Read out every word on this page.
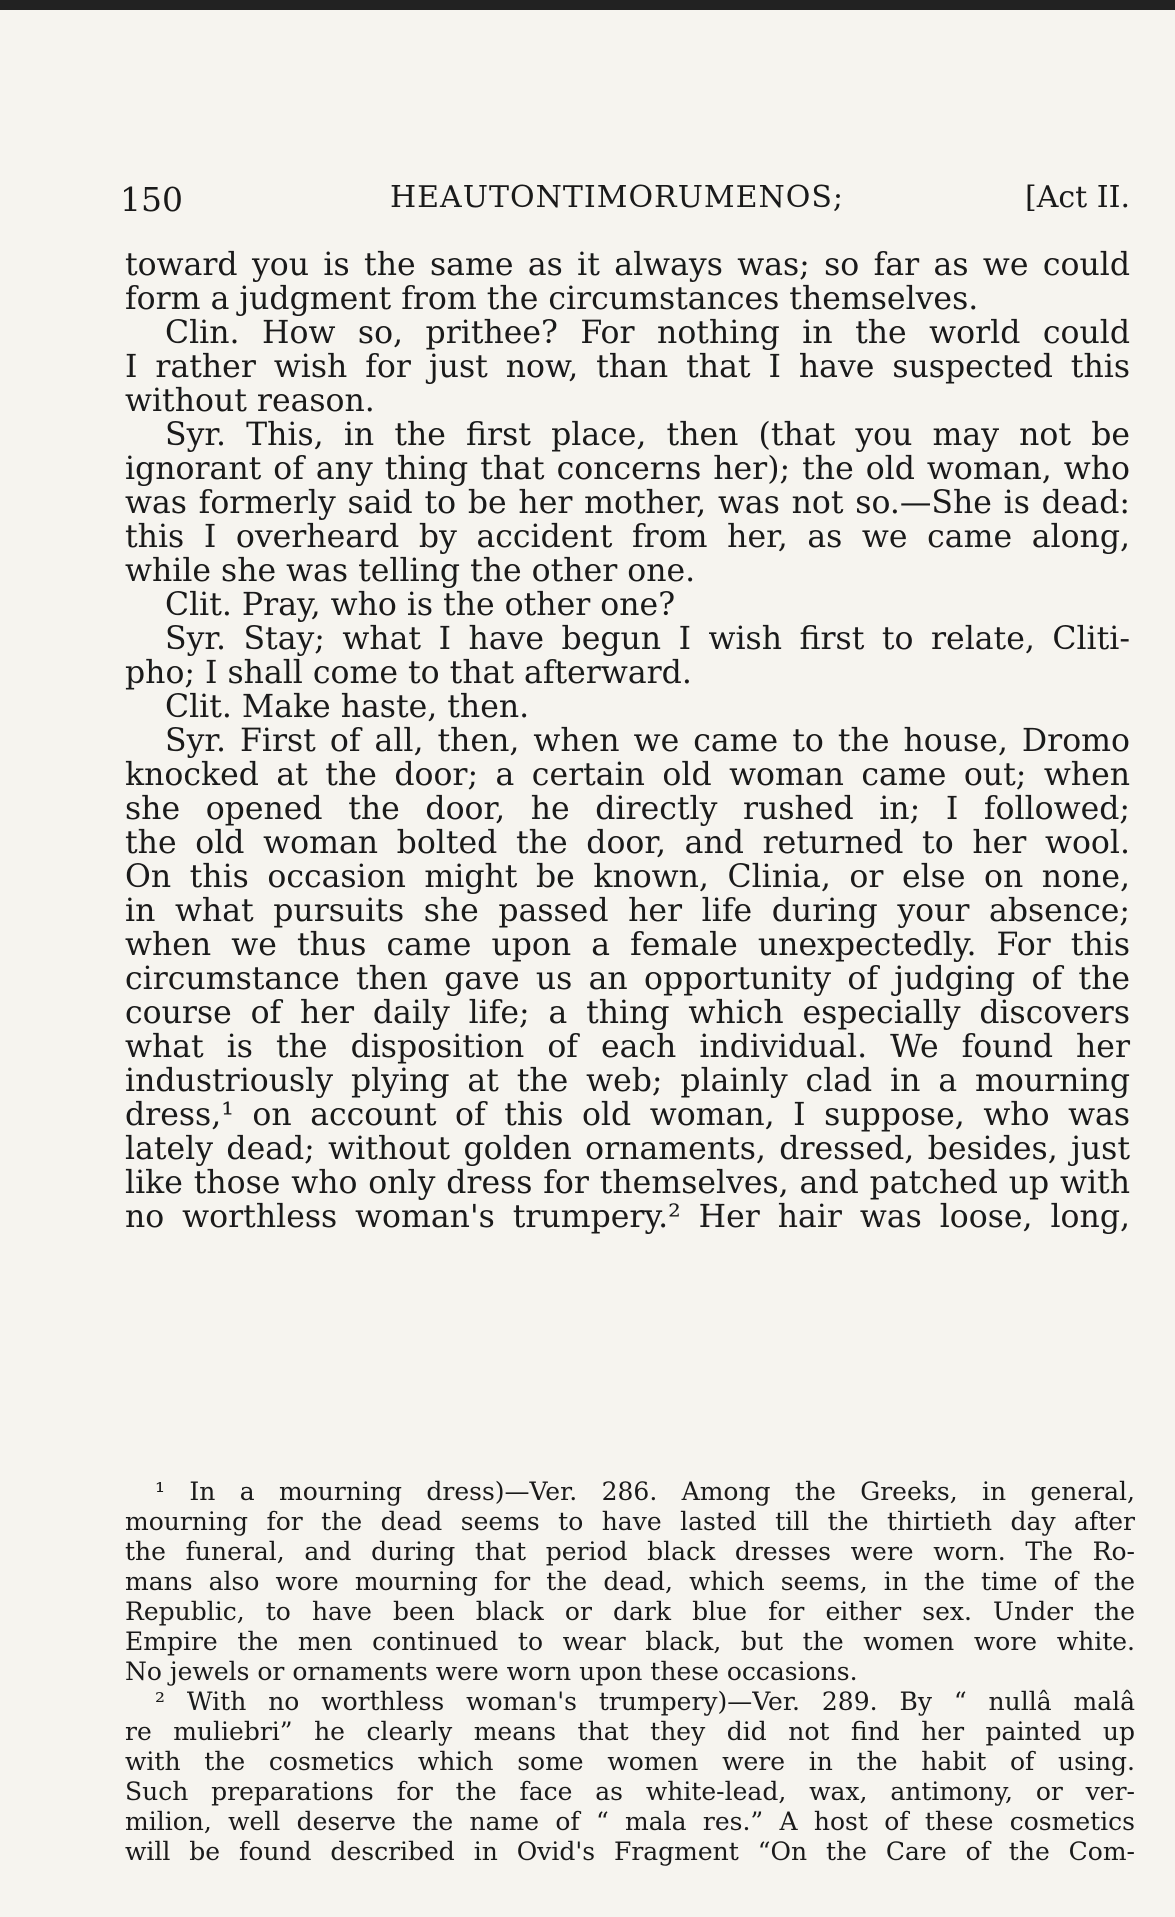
150	HEAUTONTIMORUMENOS;	[Act II.
toward you is the same as it always was; so far as we could
form a judgment from the circumstances themselves.
Clin. How so, prithee? For nothing in the world could
I rather wish for just now, than that I have suspected this
without reason.
Syr. This, in the first place, then (that you may not be
ignorant of any thing that concerns her); the old woman, who
was formerly said to be her mother, was not so.—She is dead:
this I overheard by accident from her, as we came along,
while she was telling the other one.
Clit. Pray, who is the other one?
Syr. Stay; what I have begun I wish first to relate, Cliti-
pho; I shall come to that afterward.
Clit. Make haste, then.
Syr. First of all, then, when we came to the house, Dromo
knocked at the door; a certain old woman came out; when
she opened the door, he directly rushed in; I followed;
the old woman bolted the door, and returned to her wool.
On this occasion might be known, Clinia, or else on none,
in what pursuits she passed her life during your absence;
when we thus came upon a female unexpectedly. For this
circumstance then gave us an opportunity of judging of the
course of her daily life; a thing which especially discovers
what is the disposition of each individual. We found her
industriously plying at the web; plainly clad in a mourning
dress,¹ on account of this old woman, I suppose, who was
lately dead; without golden ornaments, dressed, besides, just
like those who only dress for themselves, and patched up with
no worthless woman's trumpery.² Her hair was loose, long,
¹ In a mourning dress)—Ver. 286. Among the Greeks, in general,
mourning for the dead seems to have lasted till the thirtieth day after
the funeral, and during that period black dresses were worn. The Ro-
mans also wore mourning for the dead, which seems, in the time of the
Republic, to have been black or dark blue for either sex. Under the
Empire the men continued to wear black, but the women wore white.
No jewels or ornaments were worn upon these occasions.
² With no worthless woman's trumpery)—Ver. 289. By “ nullâ malâ
re muliebri” he clearly means that they did not find her painted up
with the cosmetics which some women were in the habit of using.
Such preparations for the face as white-lead, wax, antimony, or ver-
milion, well deserve the name of “ mala res.” A host of these cosmetics
will be found described in Ovid's Fragment “On the Care of the Com-
